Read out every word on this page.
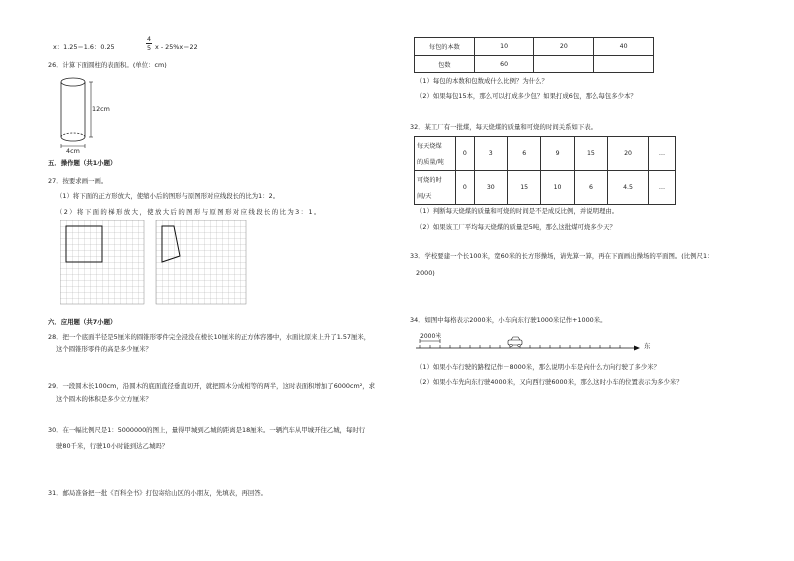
x：1.25＝1.6：0.25
4
5 x - 25%x＝22
26．计算下面圆柱的表面积。(单位：cm)
12cm
4cm
五．操作题（共1小题）
27．按要求画一画。
（1）将下面的正方形放大，使缩小后的图形与原图形对应线段长的比为1：2。
（2）将下面的梯形放大，使放大后的图形与原图形对应线段长的比为3：1。
六．应用题（共7小题）
28．把一个底面半径是5厘米的圆锥形零件完全浸没在棱长10厘米的正方体容器中，水面比原来上升了1.57厘米，
这个圆锥形零件的高是多少厘米？
29．一段圆木长100cm，沿圆木的底面直径垂直切开，就把圆木分成相等的两半，这时表面积增加了6000cm²，求
这个圆木的体积是多少立方厘米？
30．在一幅比例尺是1：5000000的图上，量得甲城到乙城的距离是18厘米。一辆汽车从甲城开往乙城，每时行
驶80千米，行驶10小时能到达乙城吗？
31．邮局准备把一批《百科全书》打包寄给山区的小朋友，先填表，再回答。
每包的本数	10	20	40
包数	60		
（1）每包的本数和包数成什么比例？为什么？
（2）如果每包15本，那么可以打成多少包？如果打成6包，那么每包多少本？
32．某工厂有一批煤，每天烧煤的质量和可烧的时间关系如下表。
每天烧煤
的质量/吨	0	3	6	9	15	20	…

可烧的时
间/天	0	30	15	10	6	4.5	…
（1）判断每天烧煤的质量和可烧的时间是不是成反比例，并说明理由。
（2）如果该工厂平均每天烧煤的质量是5吨，那么这批煤可烧多少天？
33．学校要建一个长100米，宽60米的长方形操场，请先算一算，再在下面画出操场的平面图。(比例尺1：
2000)
34．如图中每格表示2000米，小车向东行驶1000米记作+1000米。
2000米
东
（1）如果小车行驶的路程记作－8000米，那么说明小车是向什么方向行驶了多少米？
（2）如果小车先向东行驶4000米，又向西行驶6000米，那么这时小车的位置表示为多少米？
